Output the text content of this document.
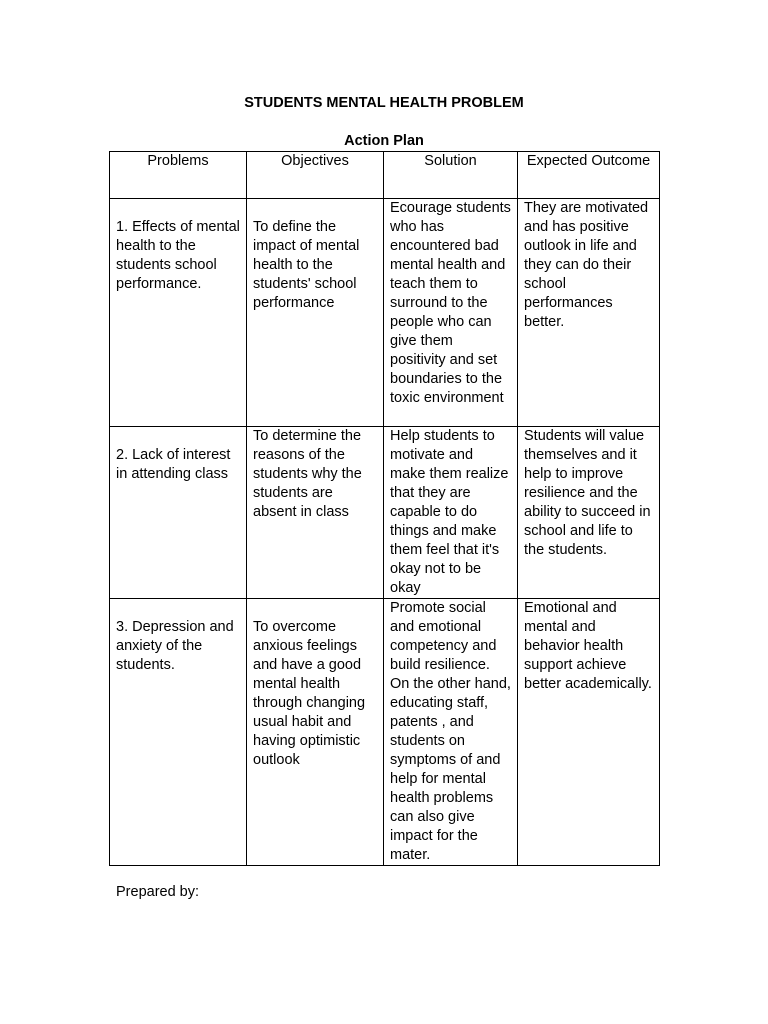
STUDENTS MENTAL HEALTH PROBLEM
Action Plan
Problems	Objectives	Solution	Expected Outcome

1. Effects of mental health to the students school performance.	To define the impact of mental health to the students' school performance	Ecourage students who has encountered bad mental health and teach them to surround to the people who can give them positivity and set boundaries to the toxic environment	They are motivated and has positive outlook in life and they can do their school performances better.

2. Lack of interest in attending class	To determine the reasons of the students why the students are absent in class	Help students to motivate and make them realize that they are capable to do things and make them feel that it's okay not to be okay	Students will value themselves and it help to improve resilience and the ability to succeed in school and life to the students.

3. Depression and anxiety of the students.	To overcome anxious feelings and have a good mental health through changing usual habit and having optimistic outlook	Promote social and emotional competency and build resilience. On the other hand, educating staff, patents , and students on symptoms of and help for mental health problems can also give impact for the mater.	Emotional and mental and behavior health support achieve better academically.
Prepared by:
